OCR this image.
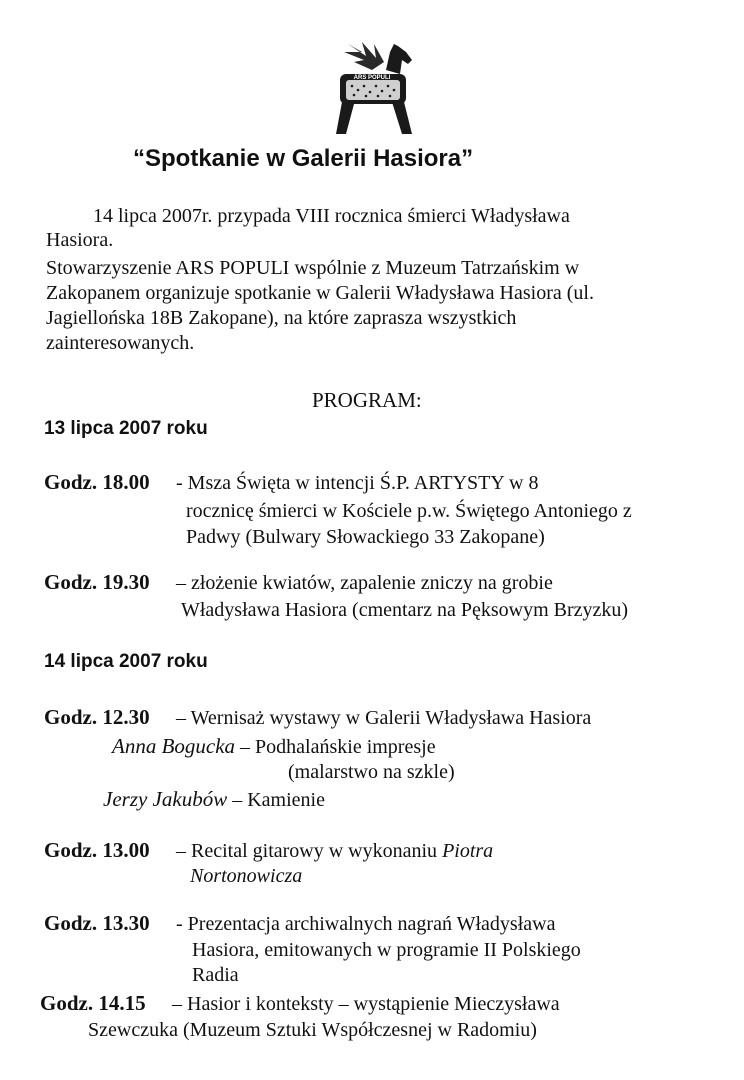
ARS POPULI
“Spotkanie w Galerii Hasiora”
14 lipca 2007r. przypada VIII rocznica śmierci Władysława
Hasiora.
Stowarzyszenie ARS POPULI wspólnie z Muzeum Tatrzańskim w
Zakopanem organizuje spotkanie w Galerii Władysława Hasiora (ul.
Jagiellońska 18B Zakopane), na które zaprasza wszystkich
zainteresowanych.
PROGRAM:
13 lipca 2007 roku
Godz. 18.00 - Msza Święta w intencji Ś.P. ARTYSTY w 8
rocznicę śmierci w Kościele p.w. Świętego Antoniego z
Padwy (Bulwary Słowackiego 33 Zakopane)
Godz. 19.30 – złożenie kwiatów, zapalenie zniczy na grobie
Władysława Hasiora (cmentarz na Pęksowym Brzyzku)
14 lipca 2007 roku
Godz. 12.30 – Wernisaż wystawy w Galerii Władysława Hasiora
Anna Bogucka – Podhalańskie impresje
(malarstwo na szkle)
Jerzy Jakubów – Kamienie
Godz. 13.00 – Recital gitarowy w wykonaniu Piotra
Nortonowicza
Godz. 13.30 - Prezentacja archiwalnych nagrań Władysława
Hasiora, emitowanych w programie II Polskiego
Radia
Godz. 14.15 – Hasior i konteksty – wystąpienie Mieczysława
Szewczuka (Muzeum Sztuki Współczesnej w Radomiu)
